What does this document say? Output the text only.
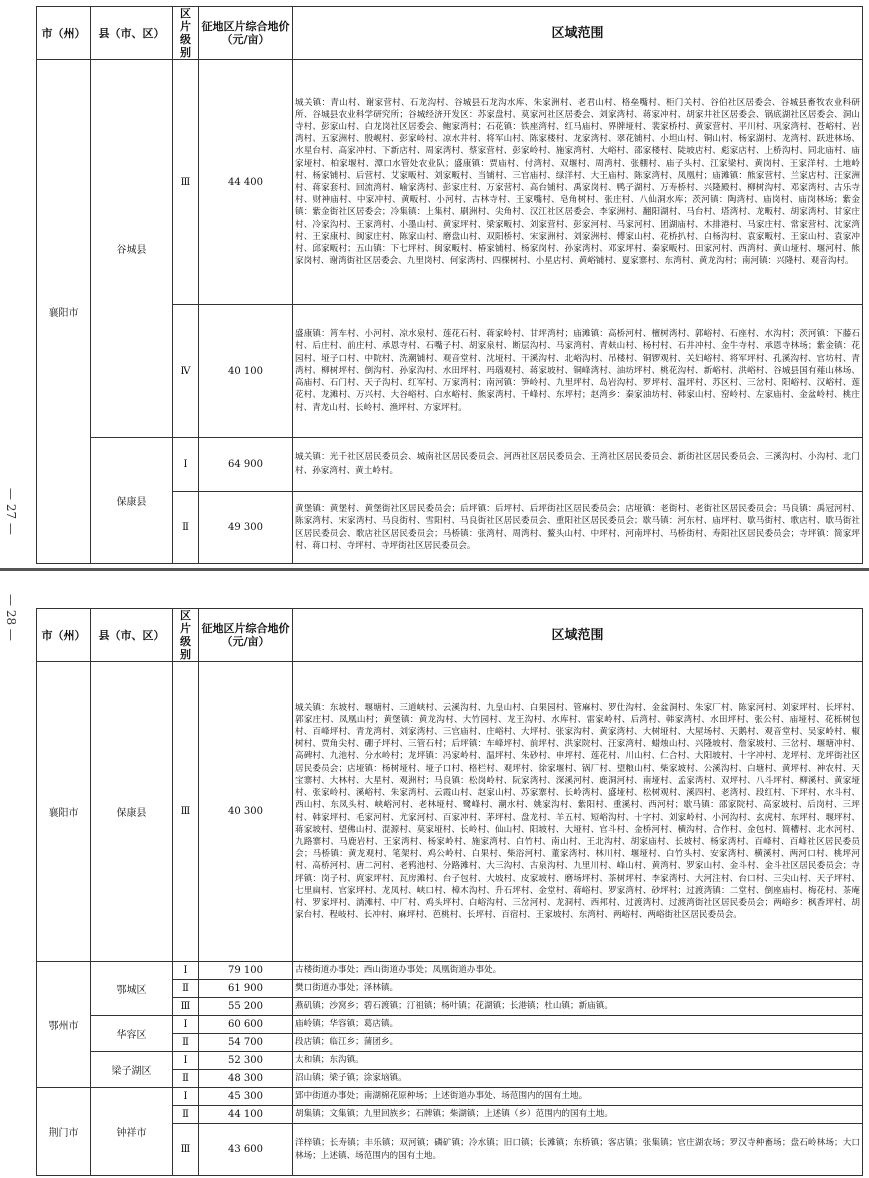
— 27 —
市（州）	县（市、区）	区片级别	征地区片综合地价（元/亩）	区域范围
襄阳市	谷城县	Ⅲ	44 400	城关镇：青山村、谢家营村、石龙沟村、谷城县石龙沟水库、朱家洲村、老君山村、格垒嘴村、柜门关村、谷伯社区居委会、谷城县畜牧农业科研所、谷城县农业科学研究所；谷城经济开发区：苏家盘村、莫家河社区居委会、刘家湾村、蒋家冲村、胡家井社区居委会、锅底湖社区居委会、洞山寺村、彭家山村、白龙岗社区居委会、鲍家湾村；石花镇：铁座湾村、红马庙村、界牌垭村、裴家桥村、黄家营村、平川村、巩家湾村、苍峪村、岩湾村、五家洲村、殷岘村、彭家岭村、凉水井村、将军山村、陈家楼村、龙家湾村、翠花铺村、小坦山村、铜山村、杨家湖村、龙湾村、跃进林场、水星台村、高家冲村、下新店村、周家湾村、蔡家营村、彭家岭村、施家湾村、大峪村、邵家楼村、陡坡店村、彪家店村、上桥沟村、同北庙村、庙家垭村、柏家堰村、潭口水管处农业队；盛康镇：贾庙村、付湾村、双堰村、周湾村、张棚村、庙子头村、江家梁村、黄岗村、王家洋村、土地岭村、杨家铺村、后营村、艾家畈村、刘家畈村、当铺村、三官庙村、绿洋村、大王庙村、陈家湾村、凤凰村；庙滩镇：熊家营村、兰家店村、汪家洲村、蒋家套村、回流湾村、喻家湾村、彭家庄村、万家营村、高台铺村、禹家岗村、鸭子湖村、万寿桥村、兴隆殿村、柳树沟村、邓家湾村、古乐寺村、财神庙村、中家冲村、黄畈村、小河村、古林寺村、王家嘴村、皂角树村、张庄村、八仙洞水库；茨河镇：陶湾村、庙岗村、庙岗林场；紫金镇：紫金街社区居委会；冷集镇：上集村、刷洲村、尖角村、汉江社区居委会、李家洲村、翻阳湖村、马台村、塔湾村、龙畈村、胡家湾村、甘家庄村、冷家沟村、王家湾村、小墨山村、黄家坪村、梁家畈村、刘家营村、彭家河村、马家河村、团湖庙村、木排港村、马家庄村、常家营村、沈家湾村、王家康村、闽家庄村、陈家山村、磨盘山村、双阳桥村、宋家洲村、刘家洲村、傅家山村、花桥扒村、白杨沟村、袁家畈村、王家山村、袁家冲村、邱家畈村；五山镇：下七坪村、闽家畈村、椿家铺村、杨家岗村、孙家湾村、邓家坪村、秦家畈村、田家河村、西湾村、黄山垭村、堰河村、熊家岗村、谢湾街社区居委会、九里岗村、何家湾村、四棵树村、小星店村、黄峪铺村、夏家寨村、东湾村、黄龙沟村；南河镇：兴隆村、观音沟村。
		Ⅳ	40 100	盛康镇：筲车村、小河村、凉水泉村、莲花石村、蒋家岭村、甘坪湾村；庙滩镇：高桥河村、檀树湾村、郭峪村、石座村、水沟村；茨河镇：下藤石村、后庄村、前庄村、承恩寺村、石嘴子村、胡家泉村、断层沟村、马家湾村、青麸山村、杨村村、石井冲村、金牛寺村、承恩寺林场；紫金镇：花园村、垭子口村、中院村、洗潮铺村、观音堂村、沈垭村、干溪沟村、北峪沟村、吊楼村、铜锣观村、关妇峪村、将军坪村、孔溪沟村、官坊村、青湾村、柳树坪村、倒沟村、孙家沟村、水田坪村、玛瑙观村、蒋家坡村、铜峰湾村、油坊坪村、桃花沟村、新峪村、洪峪村、谷城县国有薤山林场、高庙村、石门村、天子沟村、红军村、万家湾村；南河镇：笋岭村、九里坪村、岛岩沟村、罗坪村、温坪村、苏区村、三岔村、阳峪村、汉峪村、莲花村、龙滩村、万兴村、大谷峪村、白水峪村、熊家湾村、千峰村、东坪村；赵湾乡：秦家油坊村、韩家山村、窑岭村、左家庙村、金盆岭村、桃庄村、青龙山村、长岭村、渔坪村、方家坪村。
	保康县	Ⅰ	64 900	城关镇：光千社区居民委员会、城南社区居民委员会、河西社区居民委员会、王湾社区居民委员会、新街社区居民委员会、三溪沟村、小沟村、北门村、孙家湾村、黄土岭村。
		Ⅱ	49 300	黄堡镇：黄堡村、黄堡街社区居民委员会；后坪镇：后坪村、后坪街社区居民委员会；店垭镇：老街村、老街社区居民委员会；马良镇：禹冠河村、陈家湾村、宋家湾村、马良街村、雪阳村、马良街社区居民委员会、重阳社区居民委员会；歇马镇：河东村、庙坪村、歇马街村、歌店村、歇马街社区居民委员会、歌店社区居民委员会；马桥镇：张湾村、周湾村、鳌头山村、中坪村、河南坪村、马桥街村、寿阳社区居民委员会；寺坪镇：简家坪村、蒋口村、寺坪村、寺坪街社区居民委员会。
— 28 — 市（州）	县（市、区）	区片级别	征地区片综合地价（元/亩）	区域范围
襄阳市	保康县	Ⅲ	40 300	城关镇：东坡村、堰塘村、三道峡村、云溪沟村、九皇山村、白果园村、管麻村、罗仕沟村、金盆洞村、朱家厂村、陈家河村、刘家坪村、长坪村、郭家庄村、凤凰山村；黄堡镇：黄龙沟村、大竹园村、龙王沟村、水库村、雷家岭村、后湾村、韩家湾村、水田坪村、张公村、庙垭村、花栎树包村、百峰坪村、青龙湾村、刘家湾村、三官庙村、庄峪村、大坪村、张家沟村、黄家湾村、大树垭村、大屋场村、天鹅村、观音堂村、吴家岭村、椒树村、贾角尖村、硼子坪村、三管石村；后坪镇：车峰坪村、前坪村、洪家院村、汪家湾村、蜡烛山村、兴隆坡村、詹家坡村、三岔村、堰塘冲村、高碑村、九池村、分水岭村；龙坪镇：冯家岭村、温坪村、朱砂村、申坪村、莲花村、川山村、仁合村、大阳坡村、十字冲村、龙坪村、龙坪街社区居民委员会；店垭镇：杨树垭村、垭子口村、格栏村、观坪村、徐家堰村、锅厂村、望粮山村、柴家坡村、公溪沟村、白塘村、黄坪村、神农村、天宝寨村、大林村、大星村、观洲村；马良镇：松岗岭村、阮家湾村、深溪河村、鹿洞河村、南垭村、孟家湾村、双坪村、八斗坪村、柳溪村、黄家垭村、张家岭村、溪峪村、朱家湾村、云霞山村、赵家山村、苏家寨村、长岭湾村、盛垭村、松树观村、溪四村、老湾村、段红村、下坪村、水斗村、西山村、东凤头村、峡峪河村、老林垭村、鹭峰村、潮水村、姚家沟村、紫阳村、重溪村、西河村；歇马镇：邵家院村、高家坡村、后岗村、三坪村、韩家坪村、毛家河村、尤家河村、百家冲村、茅坪村、盘龙村、羊五村、短峪沟村、十字村、刘家岭村、小河沟村、玄虎村、东坪村、堰坪村、蒋家坡村、望佛山村、混源村、莫家垭村、长岭村、仙山村、阳坡村、大垭村、官斗村、金桥河村、横沟村、合作村、金包村、简槽村、北水河村、九路寨村、马鹿岩村、王家湾村、杨家岭村、施家湾村、白竹村、南山村、王北沟村、胡家庙村、长坡村、杨家湾村、百峰村、百峰社区居民委员会；马桥镇：黄龙观村、笔架村、鸡公岭村、白果村、柴浴河村、董家湾村、林川村、堰垭村、白竹头村、安家湾村、横溪村、两河口村、桃坪河村、高桥河村、唐二河村、老鸦池村、分路滩村、大三沟村、古泉沟村、九里川村、峰山村、黄湾村、罗家山村、金斗村、金斗社区居民委员会；寺坪镇：岗子村、庹家坪村、瓦房滩村、台子包村、大坡村、皮家坡村、磨场坪村、茶树坪村、李家湾村、大河注村、台口村、三尖山村、天子坪村、七里扁村、官家坪村、龙凤村、峡口村、樟木沟村、升石坪村、金堂村、蒋峪村、罗家湾村、砂坪村；过渡湾镇：二堂村、倒座庙村、梅花村、茶庵村、罗家坪村、淌滩村、中厂村、鸡头坪村、白峪沟村、三岔河村、龙洞村、西邦村、过渡湾村、过渡湾街社区居民委员会；两峪乡：枫香坪村、胡家台村、程岐村、长冲村、麻坪村、芭桃村、长坪村、百宿村、王家坡村、东湾村、两峪村、两峪街社区居民委员会。
鄂州市	鄂城区	Ⅰ	79 100	古楼街道办事处；西山街道办事处；凤凰街道办事处。
		Ⅱ	61 900	樊口街道办事处；泽林镇。
		Ⅲ	55 200	燕矶镇；沙窝乡；碧石渡镇；汀祖镇；杨叶镇；花湖镇；长港镇；杜山镇；新庙镇。
	华容区	Ⅰ	60 600	庙岭镇；华容镇；葛店镇。
		Ⅱ	54 700	段店镇；临江乡；蒲团乡。
	梁子湖区	Ⅰ	52 300	太和镇；东沟镇。
		Ⅱ	48 300	沼山镇；梁子镇；涂家垴镇。
荆门市	钟祥市	Ⅰ	45 300	郢中街道办事处；南湖棉花原种场；上述街道办事处、场范围内的国有土地。
		Ⅱ	44 100	胡集镇；文集镇；九里回族乡；石牌镇；柴湖镇；上述镇（乡）范围内的国有土地。
		Ⅲ	43 600	洋梓镇；长寿镇；丰乐镇；双河镇；磷矿镇；冷水镇；旧口镇；长滩镇；东桥镇；客店镇；张集镇；官庄湖农场；罗汉寺种畜场；盘石岭林场；大口林场；上述镇、场范围内的国有土地。
